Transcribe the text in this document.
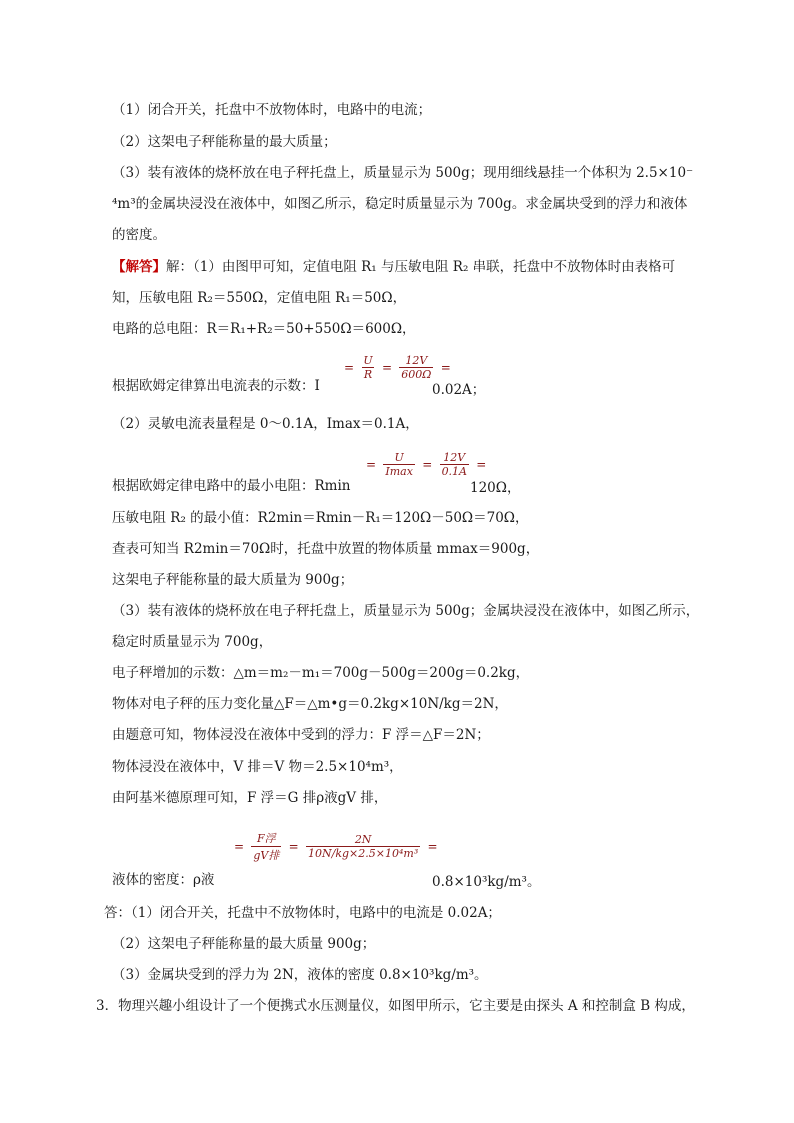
（1）闭合开关，托盘中不放物体时，电路中的电流；
（2）这架电子秤能称量的最大质量；
（3）装有液体的烧杯放在电子秤托盘上，质量显示为 500g；现用细线悬挂一个体积为 2.5×10⁻
⁴m³的金属块浸没在液体中，如图乙所示，稳定时质量显示为 700g。求金属块受到的浮力和液体
的密度。
【解答】解：（1）由图甲可知，定值电阻 R₁ 与压敏电阻 R₂ 串联，托盘中不放物体时由表格可
知，压敏电阻 R₂＝550Ω，定值电阻 R₁＝50Ω，
电路的总电阻：R＝R₁+R₂＝50+550Ω＝600Ω，
根据欧姆定律算出电流表的示数：I
= $\frac{U}{R} = \frac{12V}{600\Omega}$ =
0.02A；
（2）灵敏电流表量程是 0～0.1A，Imax＝0.1A，
根据欧姆定律电路中的最小电阻：Rmin
= $\frac{U}{Imax} = \frac{12V}{0.1A}$ =
120Ω，
压敏电阻 R₂ 的最小值：R2min＝Rmin－R₁＝120Ω－50Ω＝70Ω，
查表可知当 R2min＝70Ω时，托盘中放置的物体质量 mmax＝900g，
这架电子秤能称量的最大质量为 900g；
（3）装有液体的烧杯放在电子秤托盘上，质量显示为 500g；金属块浸没在液体中，如图乙所示，
稳定时质量显示为 700g，
电子秤增加的示数：△m＝m₂－m₁＝700g－500g＝200g＝0.2kg，
物体对电子秤的压力变化量△F＝△m•g＝0.2kg×10N/kg＝2N，
由题意可知，物体浸没在液体中受到的浮力：F 浮＝△F＝2N；
物体浸没在液体中，V 排＝V 物＝2.5×10⁴m³，
由阿基米德原理可知，F 浮＝G 排ρ液gV 排，
液体的密度：ρ液
= $\frac{\text{F浮}}{\text{gV排}} = \frac{2N}{\text{10N/kg×2.5×10⁴m³}}$ =
0.8×10³kg/m³。
答：（1）闭合开关，托盘中不放物体时，电路中的电流是 0.02A；
（2）这架电子秤能称量的最大质量 900g；
（3）金属块受到的浮力为 2N，液体的密度 0.8×10³kg/m³。
3．物理兴趣小组设计了一个便携式水压测量仪，如图甲所示，它主要是由探头 A 和控制盒 B 构成，
